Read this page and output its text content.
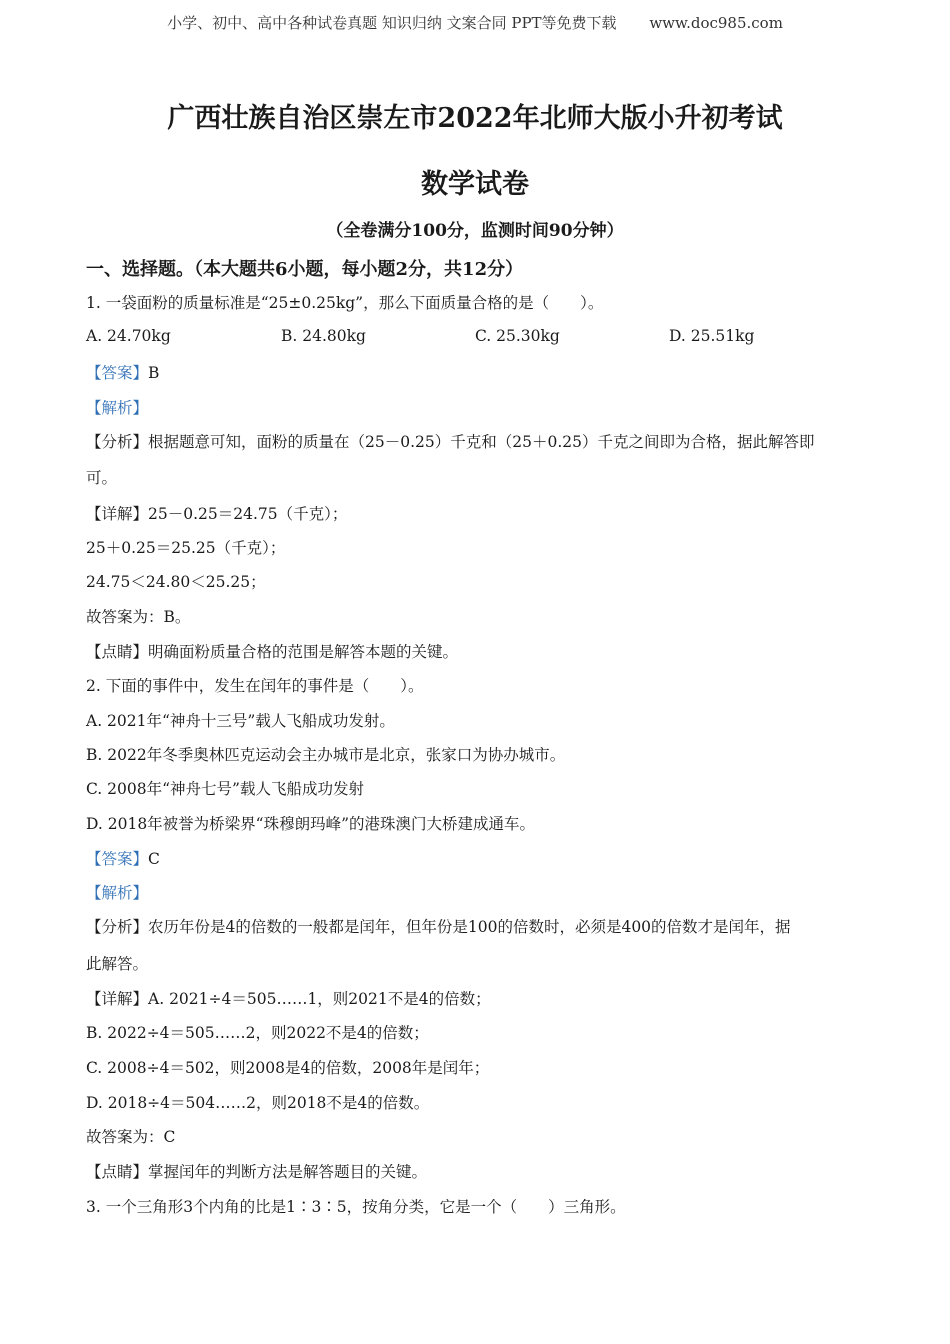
小学、初中、高中各种试卷真题 知识归纳 文案合同 PPT等免费下载 www.doc985.com
广西壮族自治区崇左市2022年北师大版小升初考试
数学试卷
（全卷满分100分，监测时间90分钟）
一、选择题。（本大题共6小题，每小题2分，共12分）
1. 一袋面粉的质量标准是“25±0.25kg”，那么下面质量合格的是（　　）。
A. 24.70kg	B. 24.80kg	C. 25.30kg	D. 25.51kg
【答案】B
【解析】
【分析】根据题意可知，面粉的质量在（25－0.25）千克和（25＋0.25）千克之间即为合格，据此解答即
可。
【详解】25－0.25＝24.75（千克）；
25＋0.25＝25.25（千克）；
24.75＜24.80＜25.25；
故答案为：B。
【点睛】明确面粉质量合格的范围是解答本题的关键。
2. 下面的事件中，发生在闰年的事件是（　　）。
A. 2021年“神舟十三号”载人飞船成功发射。
B. 2022年冬季奥林匹克运动会主办城市是北京，张家口为协办城市。
C. 2008年“神舟七号”载人飞船成功发射
D. 2018年被誉为桥梁界“珠穆朗玛峰”的港珠澳门大桥建成通车。
【答案】C
【解析】
【分析】农历年份是4的倍数的一般都是闰年，但年份是100的倍数时，必须是400的倍数才是闰年，据
此解答。
【详解】A. 2021÷4＝505……1，则2021不是4的倍数；
B. 2022÷4＝505……2，则2022不是4的倍数；
C. 2008÷4＝502，则2008是4的倍数，2008年是闰年；
D. 2018÷4＝504……2，则2018不是4的倍数。
故答案为：C
【点睛】掌握闰年的判断方法是解答题目的关键。
3. 一个三角形3个内角的比是1∶3∶5，按角分类，它是一个（　　）三角形。
